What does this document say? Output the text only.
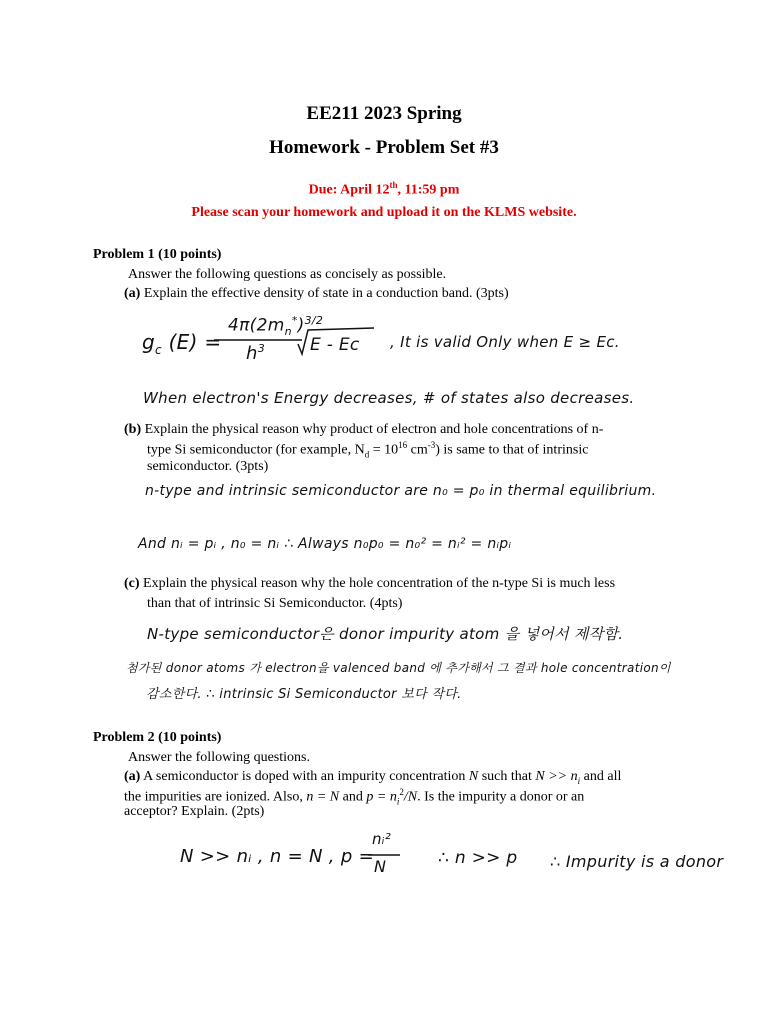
EE211 2023 Spring
Homework - Problem Set #3
Due: April 12th, 11:59 pm
Please scan your homework and upload it on the KLMS website.
Problem 1 (10 points)
Answer the following questions as concisely as possible.
(a) Explain the effective density of state in a conduction band. (3pts)
$g_c$ (E) =
$4\pi(2m_n^*)^{3/2}$
$h^3$	E - Ec , It is valid Only when E ≥ Ec.
When electron's Energy decreases, # of states also decreases.
(b) Explain the physical reason why product of electron and hole concentrations of n-
type Si semiconductor (for example, $N_d = 10^{16}$ $cm^{-3}$) is same to that of intrinsic
semiconductor. (3pts)
n-type and intrinsic semiconductor are n₀ = p₀ in thermal equilibrium.
And nᵢ = pᵢ , n₀ = nᵢ ∴ Always n₀p₀ = n₀² = nᵢ² = nᵢpᵢ
(c) Explain the physical reason why the hole concentration of the n-type Si is much less
than that of intrinsic Si Semiconductor. (4pts)
N-type semiconductor은 donor impurity atom 을 넣어서 제작함.
첨가된 donor atoms 가 electron을 valenced band 에 추가해서 그 결과 hole concentration이
감소한다. ∴ intrinsic Si Semiconductor 보다 작다.
Problem 2 (10 points)
Answer the following questions.
(a) A semiconductor is doped with an impurity concentration N such that $N >> n_i$ and all
the impurities are ionized. Also, n = N and $p = n_i^2/N$. Is the impurity a donor or an
acceptor? Explain. (2pts)
N >> nᵢ , n = N , p =
nᵢ²
N	∴ n >> p ∴ Impurity is a donor
